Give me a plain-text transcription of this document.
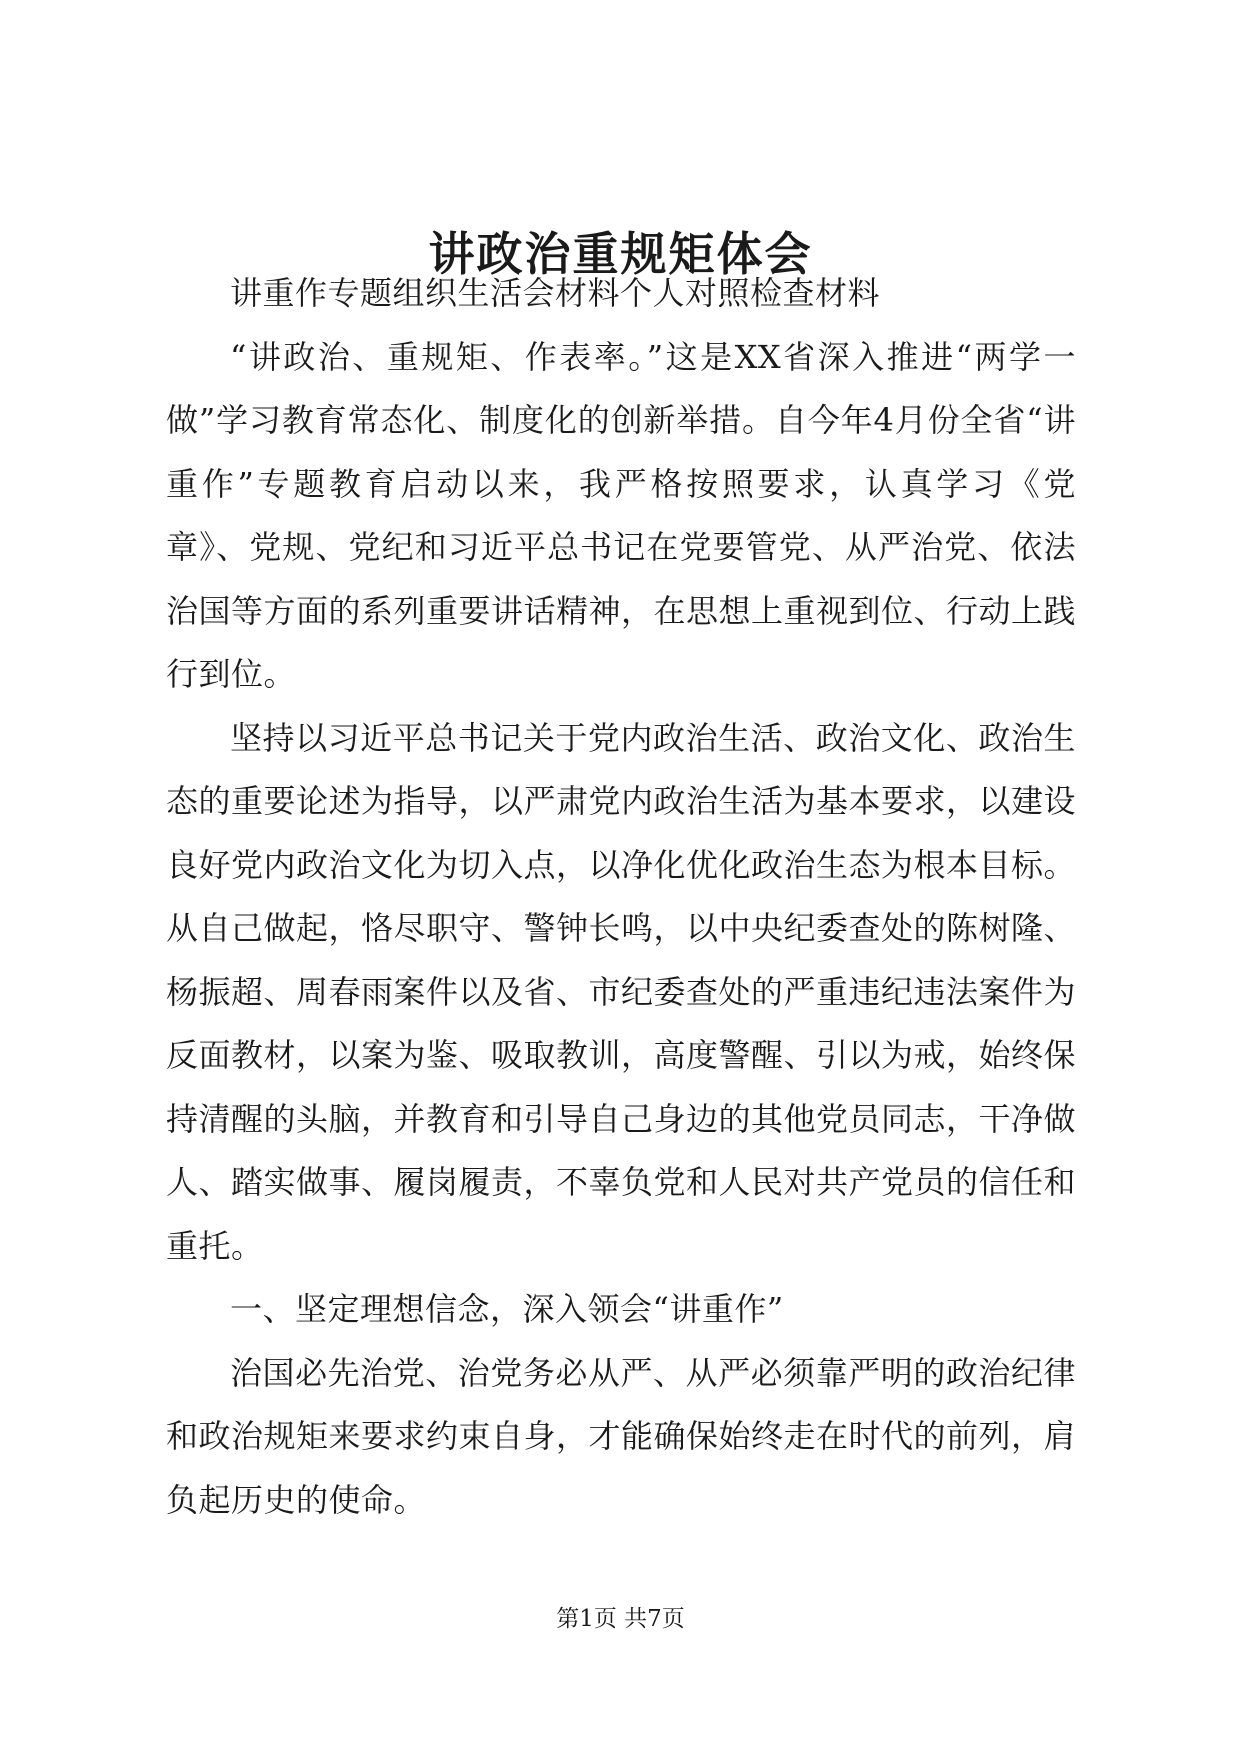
讲政治重规矩体会

讲重作专题组织生活会材料个人对照检查材料

“讲政治、重规矩、作表率。”这是XX省深入推进“两学一做”学习教育常态化、制度化的创新举措。自今年4月份全省“讲重作”专题教育启动以来，我严格按照要求，认真学习《党章》、党规、党纪和习近平总书记在党要管党、从严治党、依法治国等方面的系列重要讲话精神，在思想上重视到位、行动上践行到位。

坚持以习近平总书记关于党内政治生活、政治文化、政治生态的重要论述为指导，以严肃党内政治生活为基本要求，以建设良好党内政治文化为切入点，以净化优化政治生态为根本目标。从自己做起，恪尽职守、警钟长鸣，以中央纪委查处的陈树隆、杨振超、周春雨案件以及省、市纪委查处的严重违纪违法案件为反面教材，以案为鉴、吸取教训，高度警醒、引以为戒，始终保持清醒的头脑，并教育和引导自己身边的其他党员同志，干净做人、踏实做事、履岗履责，不辜负党和人民对共产党员的信任和重托。

一、坚定理想信念，深入领会“讲重作”

治国必先治党、治党务必从严、从严必须靠严明的政治纪律和政治规矩来要求约束自身，才能确保始终走在时代的前列，肩负起历史的使命。

第1页 共7页
